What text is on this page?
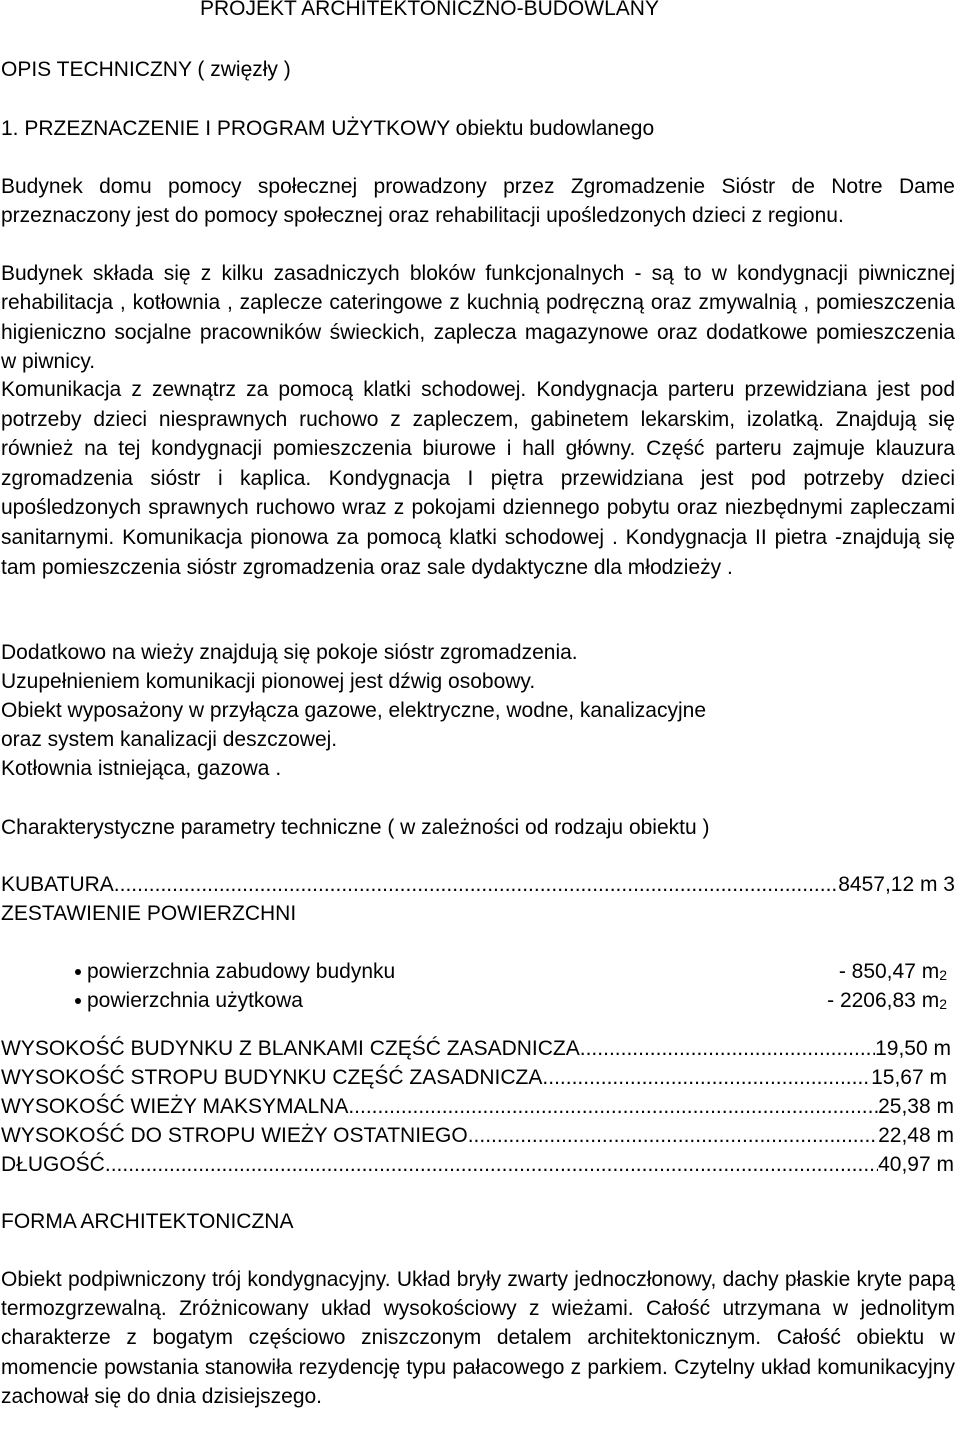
PROJEKT ARCHITEKTONICZNO-BUDOWLANY
OPIS TECHNICZNY ( zwięzły )
1. PRZEZNACZENIE I PROGRAM UŻYTKOWY obiektu budowlanego

Budynek domu pomocy społecznej prowadzony przez Zgromadzenie Sióstr de Notre Dame przeznaczony jest do pomocy społecznej oraz rehabilitacji upośledzonych dzieci z regionu.

Budynek składa się z kilku zasadniczych bloków funkcjonalnych - są to w kondygnacji piwnicznej rehabilitacja , kotłownia , zaplecze cateringowe z kuchnią podręczną oraz zmywalnią , pomieszczenia higieniczno socjalne pracowników świeckich, zaplecza magazynowe oraz dodatkowe pomieszczenia w piwnicy.

Komunikacja z zewnątrz za pomocą klatki schodowej. Kondygnacja parteru przewidziana jest pod potrzeby dzieci niesprawnych ruchowo z zapleczem, gabinetem lekarskim, izolatką. Znajdują się również na tej kondygnacji pomieszczenia biurowe i hall główny. Część parteru zajmuje klauzura zgromadzenia sióstr i kaplica. Kondygnacja I piętra przewidziana jest pod potrzeby dzieci upośledzonych sprawnych ruchowo wraz z pokojami dziennego pobytu oraz niezbędnymi zapleczami sanitarnymi. Komunikacja pionowa za pomocą klatki schodowej . Kondygnacja II pietra -znajdują się tam pomieszczenia sióstr zgromadzenia oraz sale dydaktyczne dla młodzieży .

Dodatkowo na wieży znajdują się pokoje sióstr zgromadzenia.
Uzupełnieniem komunikacji pionowej jest dźwig osobowy.
Obiekt wyposażony w przyłącza gazowe, elektryczne, wodne, kanalizacyjne
oraz system kanalizacji deszczowej.
Kotłownia istniejąca, gazowa .
Charakterystyczne parametry techniczne ( w zależności od rodzaju obiektu )
KUBATURA .....	8457,12 m 3
ZESTAWIENIE POWIERZCHNI
powierzchnia zabudowy budynku	- 850,47 $m_2$
powierzchnia użytkowa	- 2206,83 $m_2$
WYSOKOŚĆ BUDYNKU Z BLANKAMI CZĘŚĆ ZASADNICZA .....	19,50 m
WYSOKOŚĆ STROPU BUDYNKU CZĘŚĆ ZASADNICZA .....	15,67 m
WYSOKOŚĆ WIEŻY MAKSYMALNA .....	25,38 m
WYSOKOŚĆ DO STROPU WIEŻY OSTATNIEGO .....	22,48 m
DŁUGOŚĆ .....	40,97 m
FORMA ARCHITEKTONICZNA

Obiekt podpiwniczony trój kondygnacyjny. Układ bryły zwarty jednoczłonowy, dachy płaskie kryte papą termozgrzewalną. Zróżnicowany układ wysokościowy z wieżami. Całość utrzymana w jednolitym charakterze z bogatym częściowo zniszczonym detalem architektonicznym. Całość obiektu w momencie powstania stanowiła rezydencję typu pałacowego z parkiem. Czytelny układ komunikacyjny zachował się do dnia dzisiejszego.
